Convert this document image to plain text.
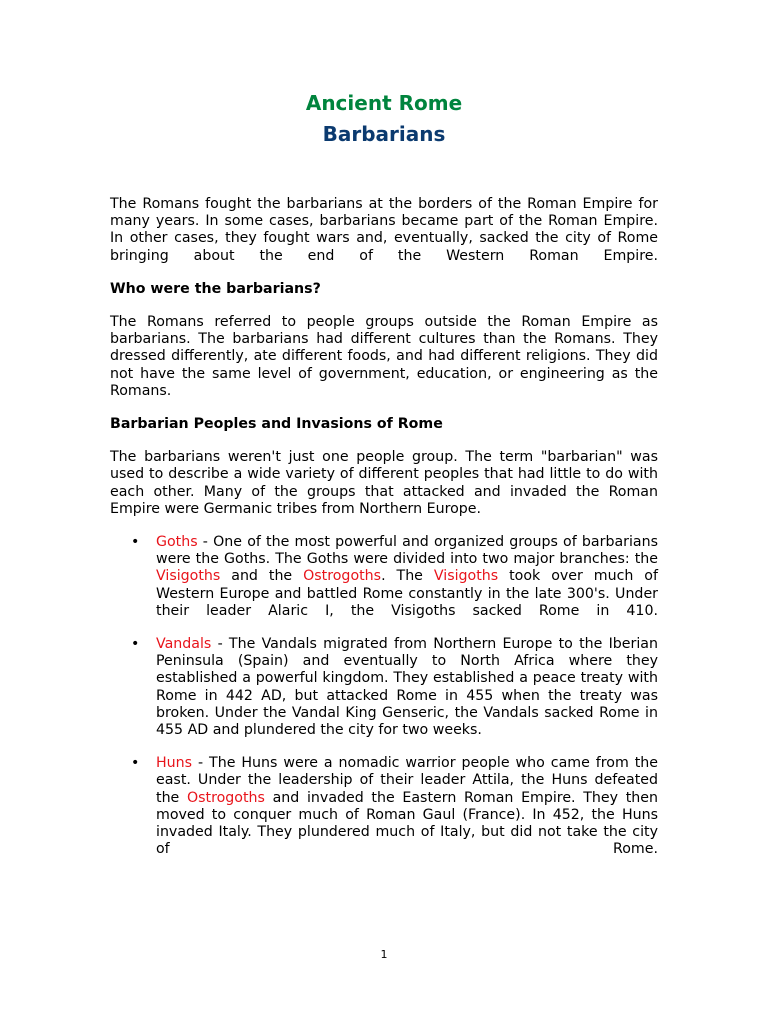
Ancient Rome
Barbarians

The Romans fought the barbarians at the borders of the Roman Empire for many years. In some cases, barbarians became part of the Roman Empire. In other cases, they fought wars and, eventually, sacked the city of Rome bringing about the end of the Western Roman Empire.

Who were the barbarians?

The Romans referred to people groups outside the Roman Empire as barbarians. The barbarians had different cultures than the Romans. They dressed differently, ate different foods, and had different religions. They did not have the same level of government, education, or engineering as the Romans.

Barbarian Peoples and Invasions of Rome

The barbarians weren't just one people group. The term "barbarian" was used to describe a wide variety of different peoples that had little to do with each other. Many of the groups that attacked and invaded the Roman Empire were Germanic tribes from Northern Europe.

• Goths - One of the most powerful and organized groups of barbarians were the Goths. The Goths were divided into two major branches: the Visigoths and the Ostrogoths. The Visigoths took over much of Western Europe and battled Rome constantly in the late 300's. Under their leader Alaric I, the Visigoths sacked Rome in 410.
• Vandals - The Vandals migrated from Northern Europe to the Iberian Peninsula (Spain) and eventually to North Africa where they established a powerful kingdom. They established a peace treaty with Rome in 442 AD, but attacked Rome in 455 when the treaty was broken. Under the Vandal King Genseric, the Vandals sacked Rome in 455 AD and plundered the city for two weeks.
• Huns - The Huns were a nomadic warrior people who came from the east. Under the leadership of their leader Attila, the Huns defeated the Ostrogoths and invaded the Eastern Roman Empire. They then moved to conquer much of Roman Gaul (France). In 452, the Huns invaded Italy. They plundered much of Italy, but did not take the city of Rome.
1
